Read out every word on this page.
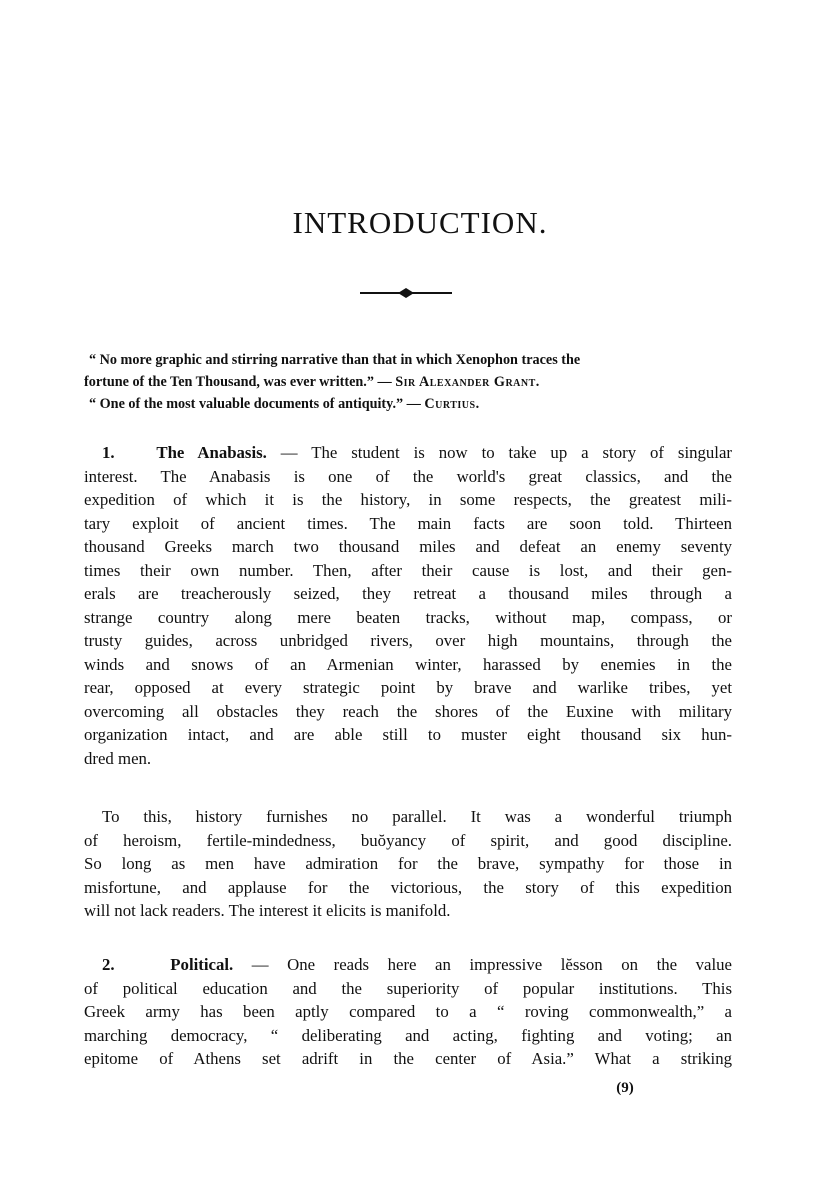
INTRODUCTION.
“ No more graphic and stirring narrative than that in which Xenophon traces the
fortune of the Ten Thousand, was ever written.” — Sir Alexander Grant.
“ One of the most valuable documents of antiquity.” — Curtius.
1. The Anabasis. — The student is now to take up a story of singular
interest. The Anabasis is one of the world's great classics, and the
expedition of which it is the history, in some respects, the greatest mili-
tary exploit of ancient times. The main facts are soon told. Thirteen
thousand Greeks march two thousand miles and defeat an enemy seventy
times their own number. Then, after their cause is lost, and their gen-
erals are treacherously seized, they retreat a thousand miles through a
strange country along mere beaten tracks, without map, compass, or
trusty guides, across unbridged rivers, over high mountains, through the
winds and snows of an Armenian winter, harassed by enemies in the
rear, opposed at every strategic point by brave and warlike tribes, yet
overcoming all obstacles they reach the shores of the Euxine with military
organization intact, and are able still to muster eight thousand six hun-
dred men.
To this, history furnishes no parallel. It was a wonderful triumph
of heroism, fertile-mindedness, buŏyancy of spirit, and good discipline.
So long as men have admiration for the brave, sympathy for those in
misfortune, and applause for the victorious, the story of this expedition
will not lack readers. The interest it elicits is manifold.
2.	Political. — One reads here an impressive lĕsson on the value
of political education and the superiority of popular institutions. This
Greek army has been aptly compared to a “ roving commonwealth,” a
marching democracy, “ deliberating and acting, fighting and voting; an
epitome of Athens set adrift in the center of Asia.” What a striking
(9)
